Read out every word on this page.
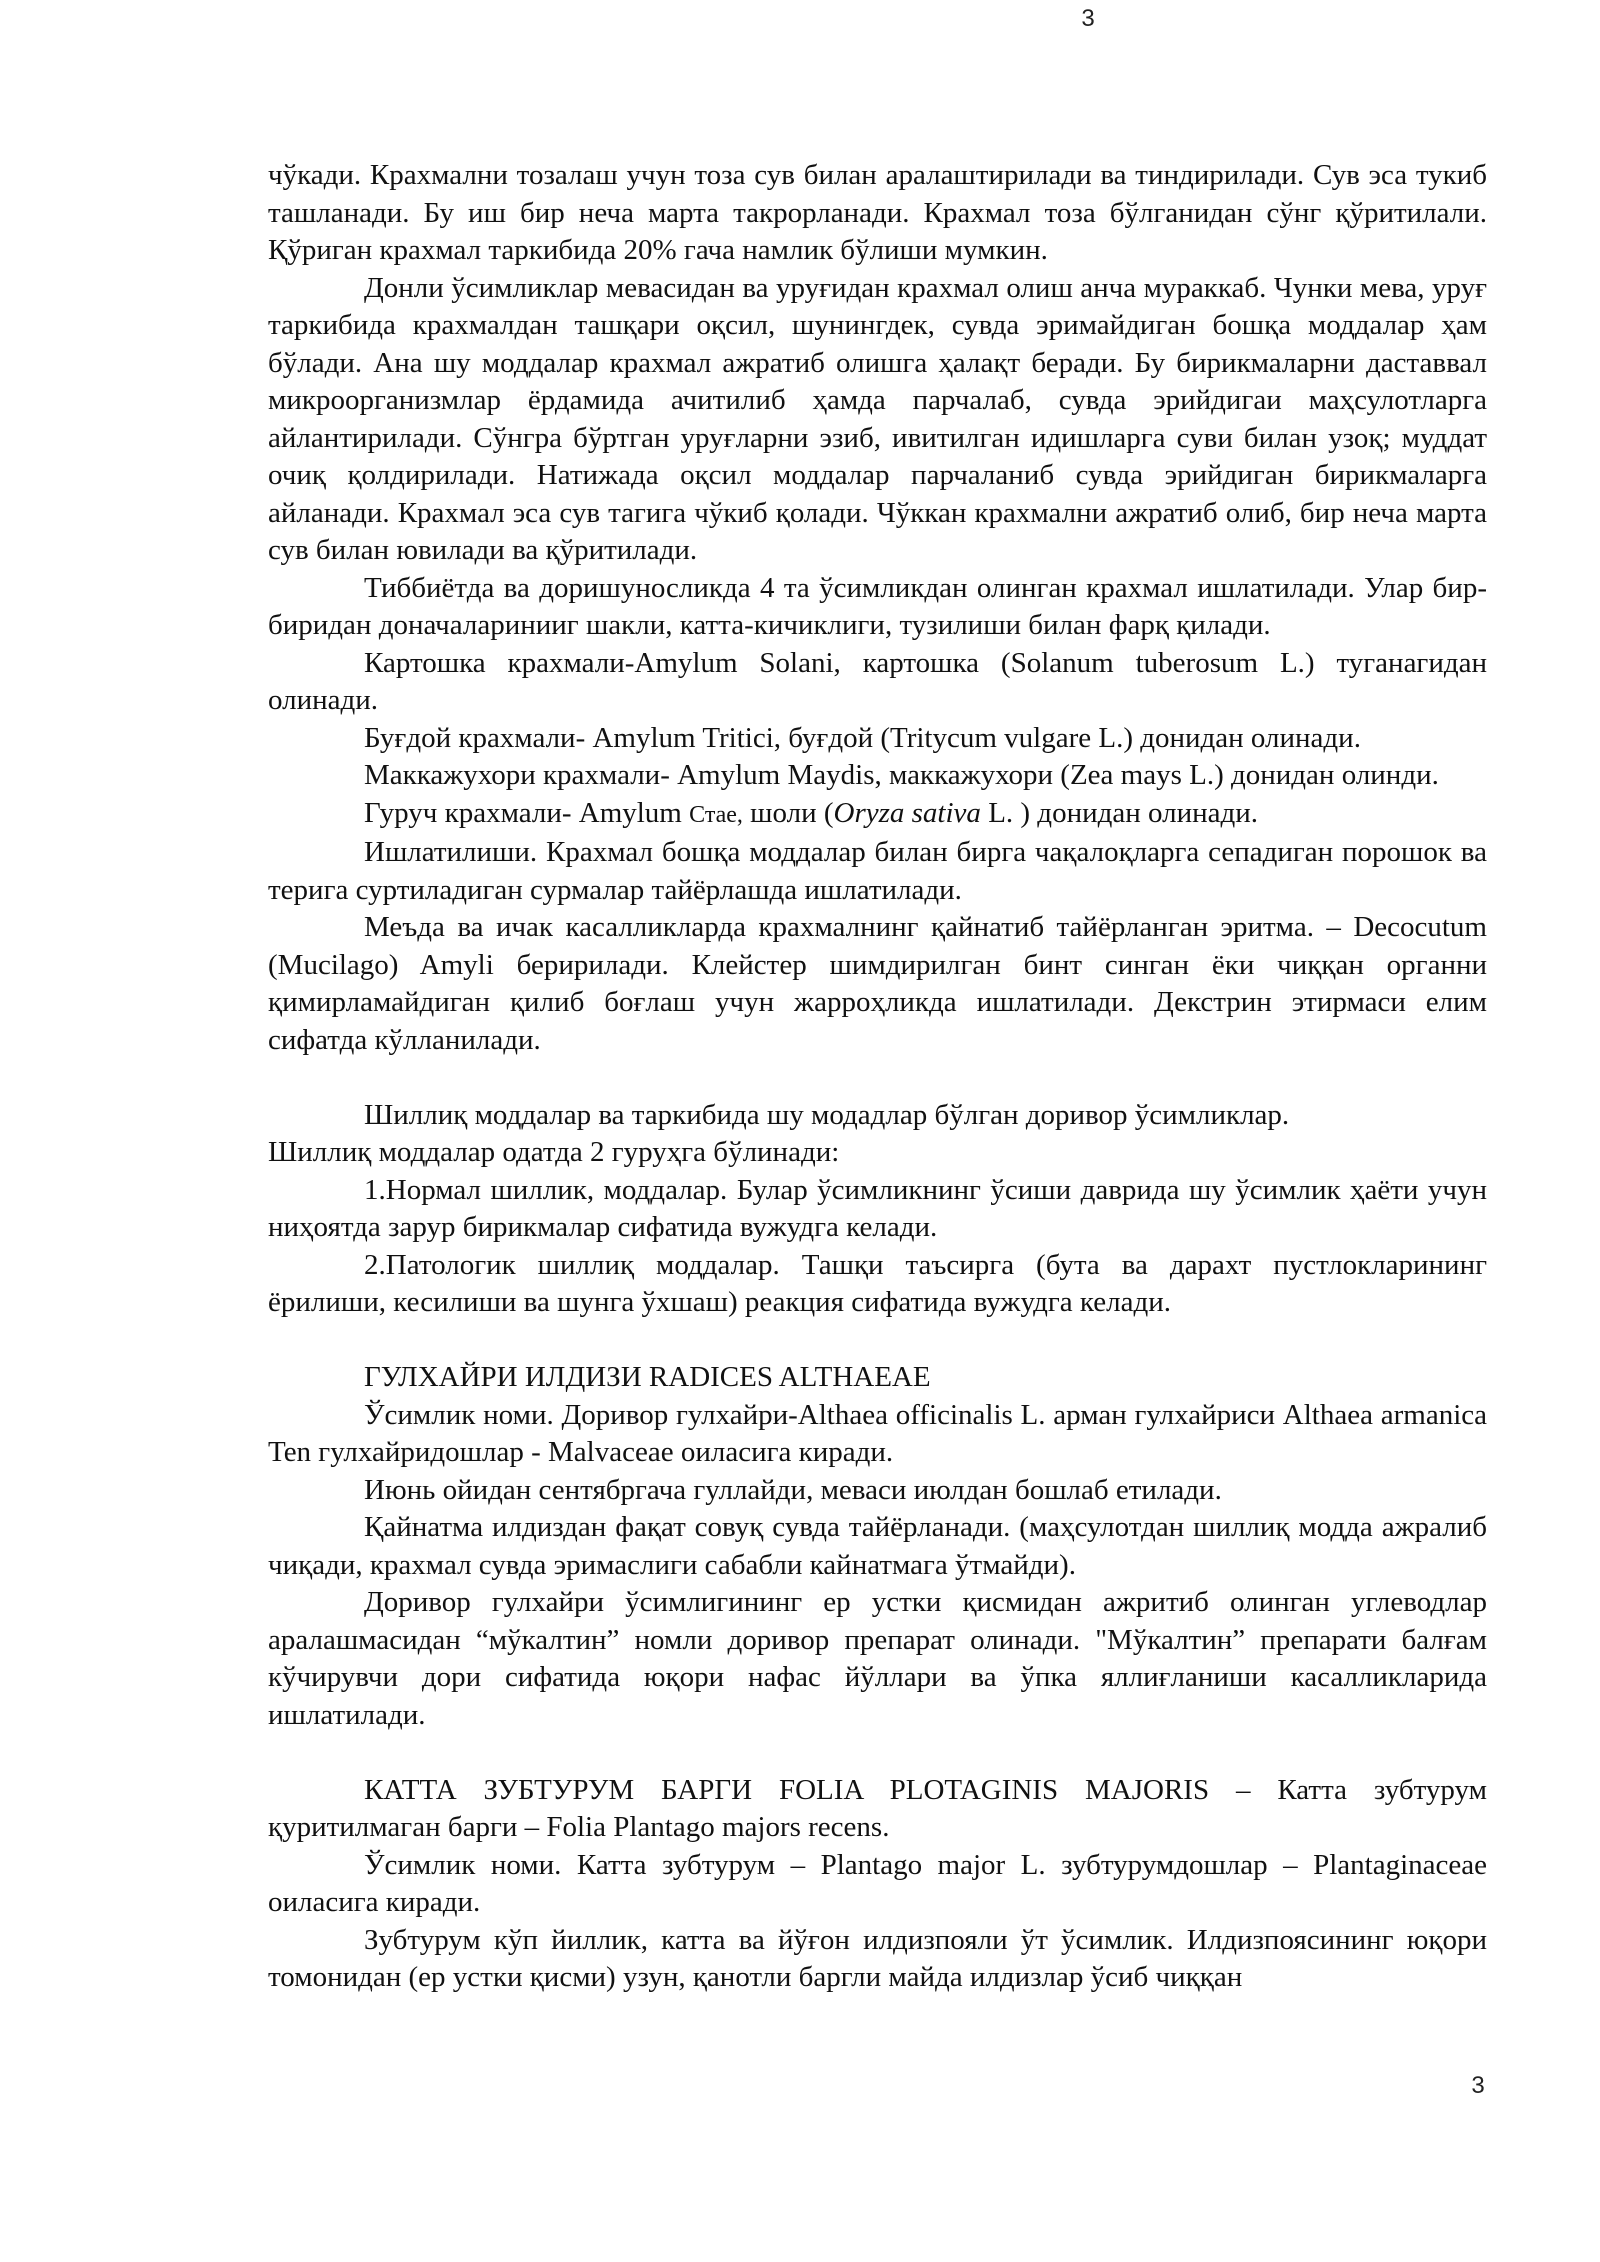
3

чўкади. Крахмални тозалаш учун тоза сув билан аралаштирилади ва тиндирилади. Сув эса тукиб ташланади. Бу иш бир неча марта такрорланади. Крахмал тоза бўлганидан сўнг қўритилали. Қўриган крахмал таркибида 20% гача намлик бўлиши мумкин.

Донли ўсимликлар мевасидан ва уруғидан крахмал олиш анча мураккаб. Чунки мева, уруғ таркибида крахмалдан ташқари оқсил, шунингдек, сувда эримайдиган бошқа моддалар ҳам бўлади. Ана шу моддалар крахмал ажратиб олишга ҳалақт беради. Бу бирикмаларни даставвал микроорганизмлар ёрдамида ачитилиб ҳамда парчалаб, сувда эрийдигаи маҳсулотларга айлантирилади. Сўнгра бўртган уруғларни эзиб, ивитилган идишларга суви билан узоқ; муддат очиқ қолдирилади. Натижада оқсил моддалар парчаланиб сувда эрийдиган бирикмаларга айланади. Крахмал эса сув тагига чўкиб қолади. Чўккан крахмални ажратиб олиб, бир неча марта сув билан ювилади ва қўритилади.

Тиббиётда ва доришуносликда 4 та ўсимликдан олинган крахмал ишлатилади. Улар бир-биридан доначаларинииг шакли, катта-кичиклиги, тузилиши билан фарқ қилади.

Картошка крахмали-Amylum Solani, картошка (Solanum tuberosum L.) туганагидан олинади.

Буғдой крахмали- Amylum Tritici, буғдой (Tritycum vulgare L.) донидан олинади.

Маккажухори крахмали- Amylum Maydis, маккажухори (Zea mays L.) донидан олинди.

Гуруч крахмали- Amylum Стае, шоли (Oryza sativa L. ) донидан олинади.

Ишлатилиши. Крахмал бошқа моддалар билан бирга чақалоқларга сепадиган порошок ва терига суртиладиган сурмалар тайёрлашда ишлатилади.

Меъда ва ичак касалликларда крахмалнинг қайнатиб тайёрланган эритма. – Decocutum (Mucilago) Amyli беририлади. Клейстер шимдирилган бинт синган ёки чиққан органни қимирламайдиган қилиб боғлаш учун жарроҳликда ишлатилади. Декстрин этирмаси елим сифатда кўлланилади.

Шиллиқ моддалар ва таркибида шу модадлар бўлган доривор ўсимликлар.

Шиллиқ моддалар одатда 2 гуруҳга бўлинади:

1.Нормал шиллик, моддалар. Булар ўсимликнинг ўсиши даврида шу ўсимлик ҳаёти учун ниҳоятда зарур бирикмалар сифатида вужудга келади.

2.Патологик шиллиқ моддалар. Ташқи таъсирга (бута ва дарахт пустлокларининг ёрилиши, кесилиши ва шунга ўхшаш) реакция сифатида вужудга келади.

ГУЛХАЙРИ ИЛДИЗИ RADICES ALTHAEAE

Ўсимлик номи. Доривор гулхайри-Althaea officinalis L. арман гулхайриси Althaea armanica Ten гулхайридошлар - Malvaceae оиласига киради.

Июнь ойидан сентябргача гуллайди, меваси июлдан бошлаб етилади.

Қайнатма илдиздан фақат совуқ сувда тайёрланади. (маҳсулотдан шиллиқ модда ажралиб чиқади, крахмал сувда эримаслиги сабабли кайнатмага ўтмайди).

Доривор гулхайри ўсимлигининг ер устки қисмидан ажритиб олинган углеводлар аралашмасидан “мўкалтин” номли доривор препарат олинади. "Мўкалтин” препарати балғам кўчирувчи дори сифатида юқори нафас йўллари ва ўпка яллиғланиши касалликларида ишлатилади.

КАТТА ЗУБТУРУМ БАРГИ FOLIA PLOTAGINIS MAJORIS – Катта зубтурум қуритилмаган барги – Folia Plantago majors recens.

Ўсимлик номи. Катта зубтурум – Plantago major L. зубтурумдошлар – Plantaginaceae оиласига киради.

Зубтурум кўп йиллик, катта ва йўғон илдизпояли ўт ўсимлик. Илдизпоясининг юқори томонидан (ер устки қисми) узун, қанотли баргли майда илдизлар ўсиб чиққан

3
